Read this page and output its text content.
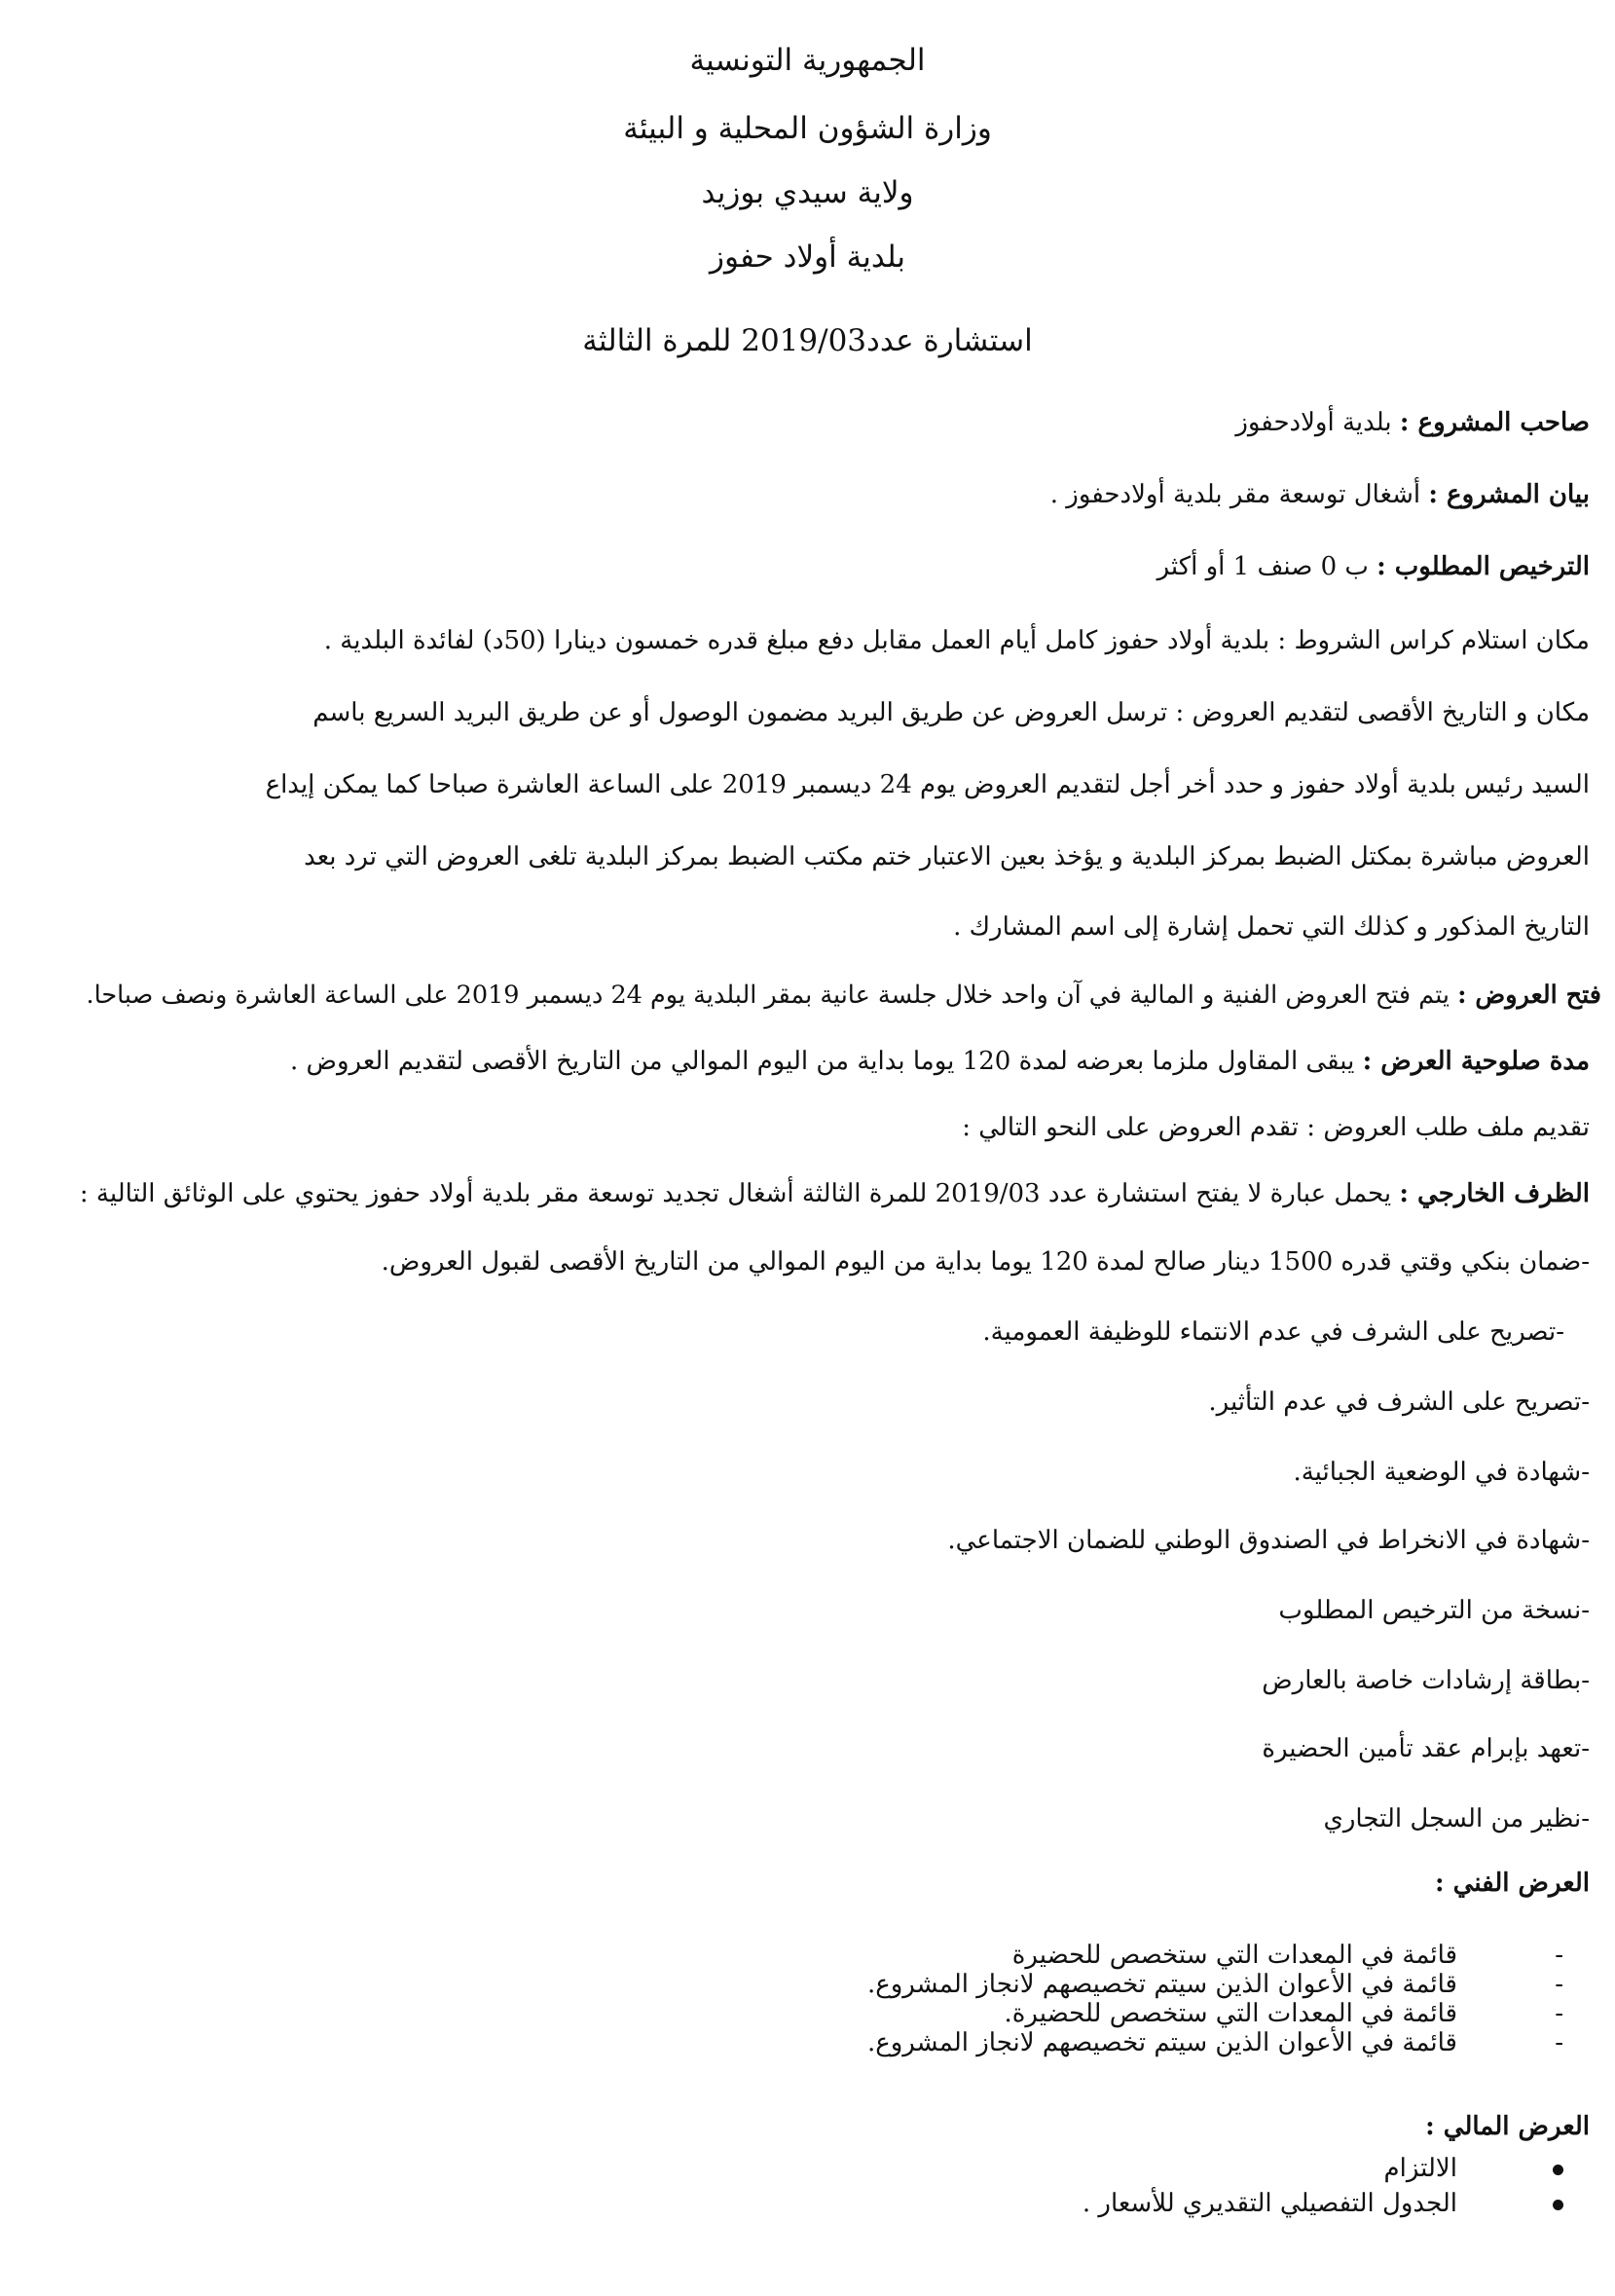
الجمهورية التونسية
وزارة الشؤون المحلية و البيئة
ولاية سيدي بوزيد
بلدية أولاد حفوز
استشارة عدد2019/03 للمرة الثالثة
صاحب المشروع : بلدية أولادحفوز
بيان المشروع : أشغال توسعة مقر بلدية أولادحفوز .
الترخيص المطلوب : ب 0 صنف 1 أو أكثر
مكان استلام كراس الشروط : بلدية أولاد حفوز كامل أيام العمل مقابل دفع مبلغ قدره خمسون دينارا (50د) لفائدة البلدية .
مكان و التاريخ الأقصى لتقديم العروض : ترسل العروض عن طريق البريد مضمون الوصول أو عن طريق البريد السريع باسم
السيد رئيس بلدية أولاد حفوز و حدد أخر أجل لتقديم العروض يوم 24 ديسمبر 2019 على الساعة العاشرة صباحا كما يمكن إيداع
العروض مباشرة بمكتل الضبط بمركز البلدية و يؤخذ بعين الاعتبار ختم مكتب الضبط بمركز البلدية تلغى العروض التي ترد بعد
التاريخ المذكور و كذلك التي تحمل إشارة إلى اسم المشارك .
فتح العروض : يتم فتح العروض الفنية و المالية في آن واحد خلال جلسة عانية بمقر البلدية يوم 24 ديسمبر 2019 على الساعة العاشرة ونصف صباحا.
مدة صلوحية العرض : يبقى المقاول ملزما بعرضه لمدة 120 يوما بداية من اليوم الموالي من التاريخ الأقصى لتقديم العروض .
تقديم ملف طلب العروض : تقدم العروض على النحو التالي :
الظرف الخارجي : يحمل عبارة لا يفتح استشارة عدد 2019/03 للمرة الثالثة أشغال تجديد توسعة مقر بلدية أولاد حفوز يحتوي على الوثائق التالية :
-ضمان بنكي وقتي قدره 1500 دينار صالح لمدة 120 يوما بداية من اليوم الموالي من التاريخ الأقصى لقبول العروض.
-تصريح على الشرف في عدم الانتماء للوظيفة العمومية.
-تصريح على الشرف في عدم التأثير.
-شهادة في الوضعية الجبائية.
-شهادة في الانخراط في الصندوق الوطني للضمان الاجتماعي.
-نسخة من الترخيص المطلوب
-بطاقة إرشادات خاصة بالعارض
-تعهد بإبرام عقد تأمين الحضيرة
-نظير من السجل التجاري
العرض الفني :
-
قائمة في المعدات التي ستخصص للحضيرة
-
قائمة في الأعوان الذين سيتم تخصيصهم لانجاز المشروع.
-
قائمة في المعدات التي ستخصص للحضيرة.
-
قائمة في الأعوان الذين سيتم تخصيصهم لانجاز المشروع.
العرض المالي :
الالتزام
الجدول التفصيلي التقديري للأسعار .
